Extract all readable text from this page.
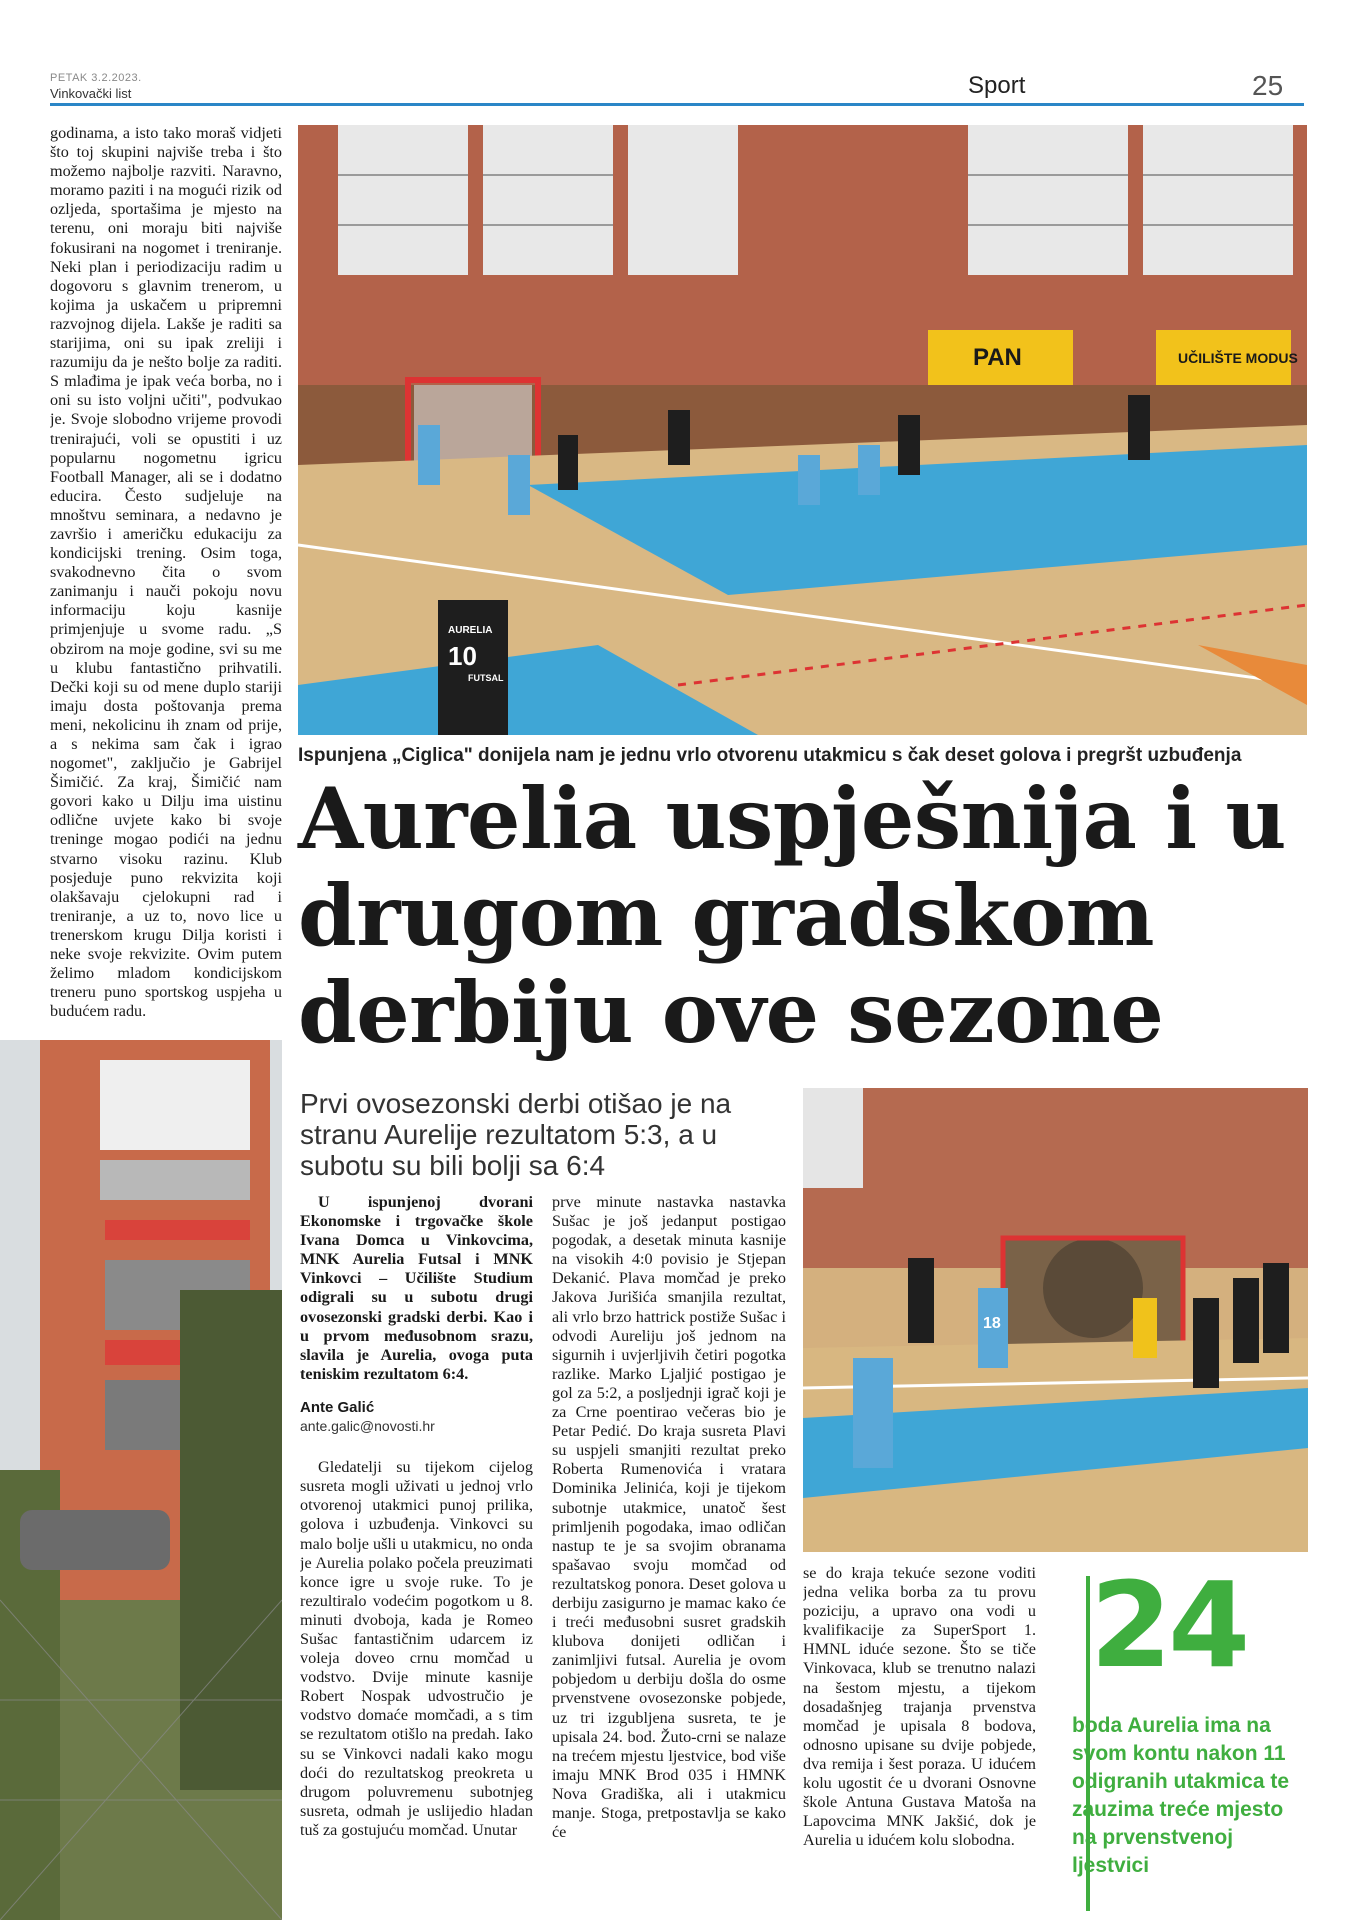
PETAK 3.2.2023.
Vinkovački list	Sport	25

godinama, a isto tako moraš vidjeti što toj skupini najviše treba i što možemo najbolje razviti. Naravno, moramo paziti i na mogući rizik od ozljeda, sportašima je mjesto na terenu, oni moraju biti najviše fokusirani na nogomet i treniranje. Neki plan i periodizaciju radim u dogovoru s glavnim trenerom, u kojima ja uskačem u pripremni razvojnog dijela. Lakše je raditi sa starijima, oni su ipak zreliji i razumiju da je nešto bolje za raditi. S mlađima je ipak veća borba, no i oni su isto voljni učiti", podvukao je. Svoje slobodno vrijeme provodi trenirajući, voli se opustiti i uz popularnu nogometnu igricu Football Manager, ali se i dodatno educira. Često sudjeluje na mnoštvu seminara, a nedavno je završio i američku edukaciju za kondicijski trening. Osim toga, svakodnevno čita o svom zanimanju i nauči pokoju novu informaciju koju kasnije primjenjuje u svome radu. „S obzirom na moje godine, svi su me u klubu fantastično prihvatili. Dečki koji su od mene duplo stariji imaju dosta poštovanja prema meni, nekolicinu ih znam od prije, a s nekima sam čak i igrao nogomet", zaključio je Gabrijel Šimičić. Za kraj, Šimičić nam govori kako u Dilju ima uistinu odlične uvjete kako bi svoje treninge mogao podići na jednu stvarno visoku razinu. Klub posjeduje puno rekvizita koji olakšavaju cjelokupni rad i treniranje, a uz to, novo lice u trenerskom krugu Dilja koristi i neke svoje rekvizite. Ovim putem želimo mladom kondicijskom treneru puno sportskog uspjeha u budućem radu.

PAN	UČILIŠTE MODUS
AURELIA
10
FUTSAL
Ispunjena „Ciglica" donijela nam je jednu vrlo otvorenu utakmicu s čak deset golova i pregršt uzbuđenja
Aurelia uspješnija i u drugom gradskom derbiju ove sezone
Prvi ovosezonski derbi otišao je na stranu Aurelije rezultatom 5:3, a u subotu su bili bolji sa 6:4

U ispunjenoj dvorani Ekonomske i trgovačke škole Ivana Domca u Vinkovcima, MNK Aurelia Futsal i MNK Vinkovci – Učilište Studium odigrali su u subotu drugi ovosezonski gradski derbi. Kao i u prvom međusobnom srazu, slavila je Aurelia, ovoga puta teniskim rezultatom 6:4.

Ante Galić

ante.galic@novosti.hr

Gledatelji su tijekom cijelog susreta mogli uživati u jednoj vrlo otvorenoj utakmici punoj prilika, golova i uzbuđenja. Vinkovci su malo bolje ušli u utakmicu, no onda je Aurelia polako počela preuzimati konce igre u svoje ruke. To je rezultiralo vodećim pogotkom u 8. minuti dvoboja, kada je Romeo Sušac fantastičnim udarcem iz voleja doveo crnu momčad u vodstvo. Dvije minute kasnije Robert Nospak udvostručio je vodstvo domaće momčadi, a s tim se rezultatom otišlo na predah. Iako su se Vinkovci nadali kako mogu doći do rezultatskog preokreta u drugom poluvremenu subotnjeg susreta, odmah je uslijedio hladan tuš za gostujuću momčad. Unutar

prve minute nastavka nastavka Sušac je još jedanput postigao pogodak, a desetak minuta kasnije na visokih 4:0 povisio je Stjepan Dekanić. Plava momčad je preko Jakova Jurišića smanjila rezultat, ali vrlo brzo hattrick postiže Sušac i odvodi Aureliju još jednom na sigurnih i uvjerljivih četiri pogotka razlike. Marko Ljaljić postigao je gol za 5:2, a posljednji igrač koji je za Crne poentirao večeras bio je Petar Pedić. Do kraja susreta Plavi su uspjeli smanjiti rezultat preko Roberta Rumenovića i vratara Dominika Jelinića, koji je tijekom subotnje utakmice, unatoč šest primljenih pogodaka, imao odličan nastup te je sa svojim obranama spašavao svoju momčad od rezultatskog ponora. Deset golova u derbiju zasigurno je mamac kako će i treći međusobni susret gradskih klubova donijeti odličan i zanimljivi futsal. Aurelia je ovom pobjedom u derbiju došla do osme prvenstvene ovosezonske pobjede, uz tri izgubljena susreta, te je upisala 24. bod. Žuto-crni se nalaze na trećem mjestu ljestvice, bod više imaju MNK Brod 035 i HMNK Nova Gradiška, ali i utakmicu manje. Stoga, pretpostavlja se kako će

18

se do kraja tekuće sezone voditi jedna velika borba za tu provu poziciju, a upravo ona vodi u kvalifikacije za SuperSport 1. HMNL iduće sezone. Što se tiče Vinkovaca, klub se trenutno nalazi na šestom mjestu, a tijekom dosadašnjeg trajanja prvenstva momčad je upisala 8 bodova, odnosno upisane su dvije pobjede, dva remija i šest poraza. U idućem kolu ugostit će u dvorani Osnovne škole Antuna Gustava Matoša na Lapovcima MNK Jakšić, dok je Aurelia u idućem kolu slobodna.

24
boda Aurelia ima na svom kontu nakon 11 odigranih utakmica te zauzima treće mjesto na prvenstvenoj ljestvici
